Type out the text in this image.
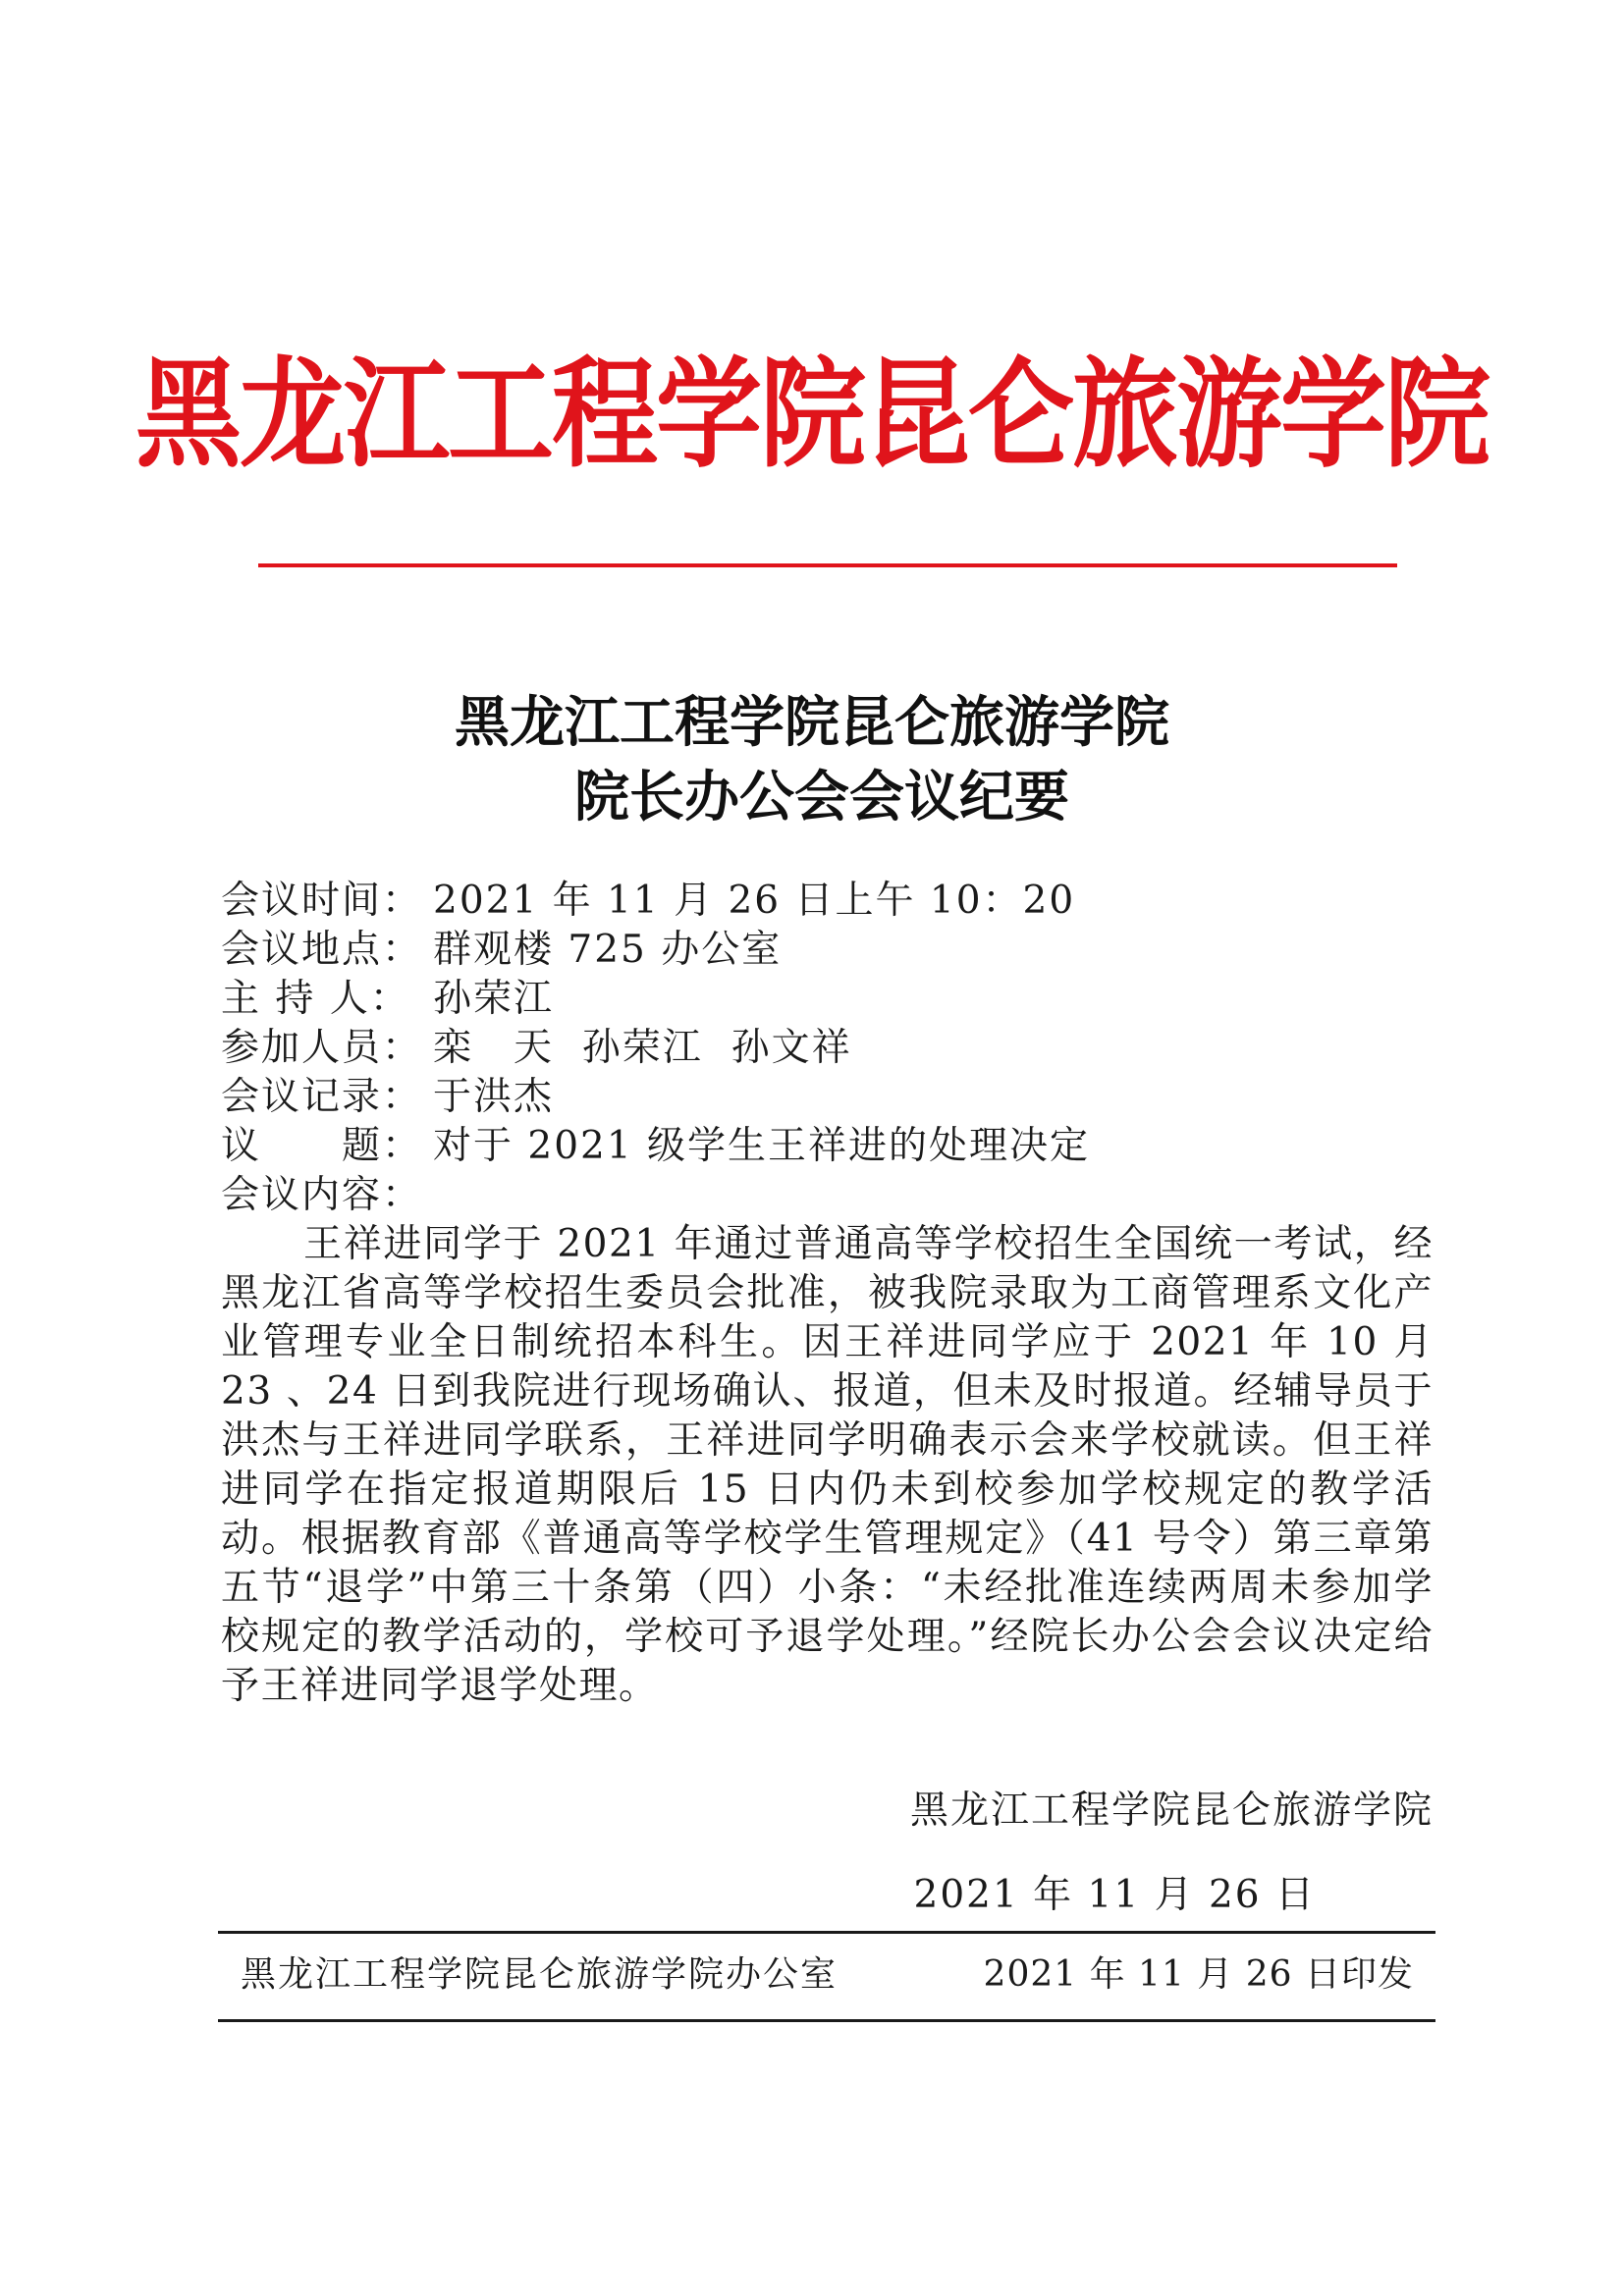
黑龙江工程学院昆仑旅游学院
黑龙江工程学院昆仑旅游学院
院长办公会会议纪要
会议时间： 2021 年 11 月 26 日上午 10：20
会议地点： 群观楼 725 办公室
主 持 人： 孙荣江
参加人员： 栾　天  孙荣江  孙文祥
会议记录： 于洪杰
议　　题： 对于 2021 级学生王祥进的处理决定
会议内容：

王祥进同学于 2021 年通过普通高等学校招生全国统一考试，经黑龙江省高等学校招生委员会批准，被我院录取为工商管理系文化产业管理专业全日制统招本科生。因王祥进同学应于 2021 年 10 月 23 、24 日到我院进行现场确认、报道，但未及时报道。经辅导员于洪杰与王祥进同学联系，王祥进同学明确表示会来学校就读。但王祥进同学在指定报道期限后 15 日内仍未到校参加学校规定的教学活动。根据教育部《普通高等学校学生管理规定》（41 号令）第三章第五节“退学”中第三十条第（四）小条：“未经批准连续两周未参加学校规定的教学活动的，学校可予退学处理。”经院长办公会会议决定给予王祥进同学退学处理。

黑龙江工程学院昆仑旅游学院
2021 年 11 月 26 日
黑龙江工程学院昆仑旅游学院办公室	2021 年 11 月 26 日印发
